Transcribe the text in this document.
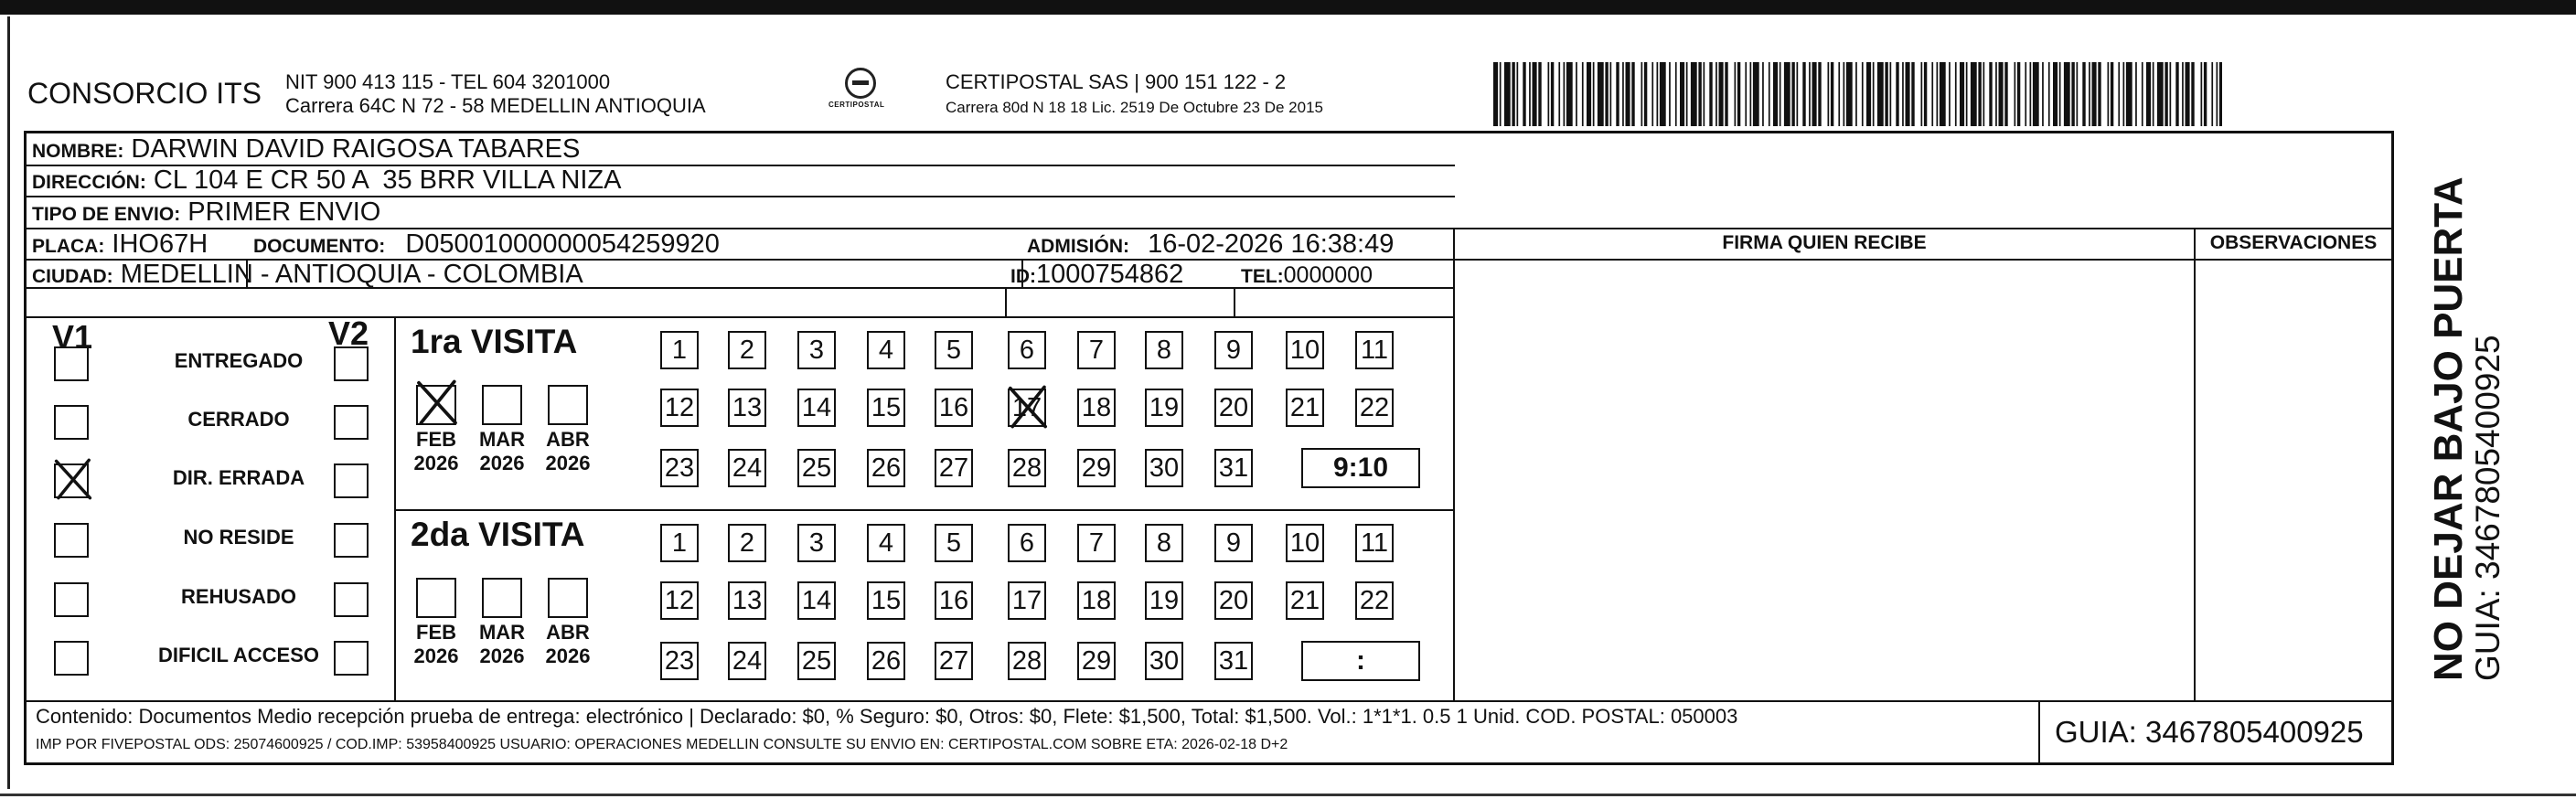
CONSORCIO ITS NIT 900 413 115 - TEL 604 3201000
Carrera 64C N 72 - 58 MEDELLIN ANTIOQUIA	CERTIPOSTAL
CERTIPOSTAL SAS | 900 151 122 - 2
Carrera 80d N 18 18 Lic. 2519 De Octubre 23 De 2015
NOMBRE: DARWIN DAVID RAIGOSA TABARES
DIRECCIÓN: CL 104 E CR 50 A  35 BRR VILLA NIZA
TIPO DE ENVIO: PRIMER ENVIO
PLACA: IHO67H DOCUMENTO: D05001000000054259920	ADMISIÓN: 16-02-2026 16:38:49
CIUDAD: MEDELLIN - ANTIOQUIA - COLOMBIA	ID:1000754862	TEL:0000000
FIRMA QUIEN RECIBE	OBSERVACIONES
V1	V2
ENTREGADO
CERRADO
DIR. ERRADA
NO RESIDE
REHUSADO
DIFICIL ACCESO
1ra VISITA
FEB
2026
MAR
2026
ABR
2026
1	2	3	4	5	6	7	8	9	10 11
12 13 14 15 16 17 18 19 20 21 22
23 24 25 26 27 28 29 30 31	9:10
2da VISITA
FEB
2026
MAR
2026
ABR
2026
1	2	3	4	5	6	7	8	9	10 11
12 13 14 15 16 17 18 19 20 21 22
23 24 25 26 27 28 29 30 31	:
Contenido: Documentos Medio recepción prueba de entrega: electrónico | Declarado: $0, % Seguro: $0, Otros: $0, Flete: $1,500, Total: $1,500. Vol.: 1*1*1. 0.5 1 Unid. COD. POSTAL: 050003
IMP POR FIVEPOSTAL ODS: 25074600925 / COD.IMP: 53958400925 USUARIO: OPERACIONES MEDELLIN CONSULTE SU ENVIO EN: CERTIPOSTAL.COM SOBRE ETA: 2026-02-18 D+2	GUIA: 3467805400925
NO DEJAR BAJO PUERTA
GUIA: 3467805400925
